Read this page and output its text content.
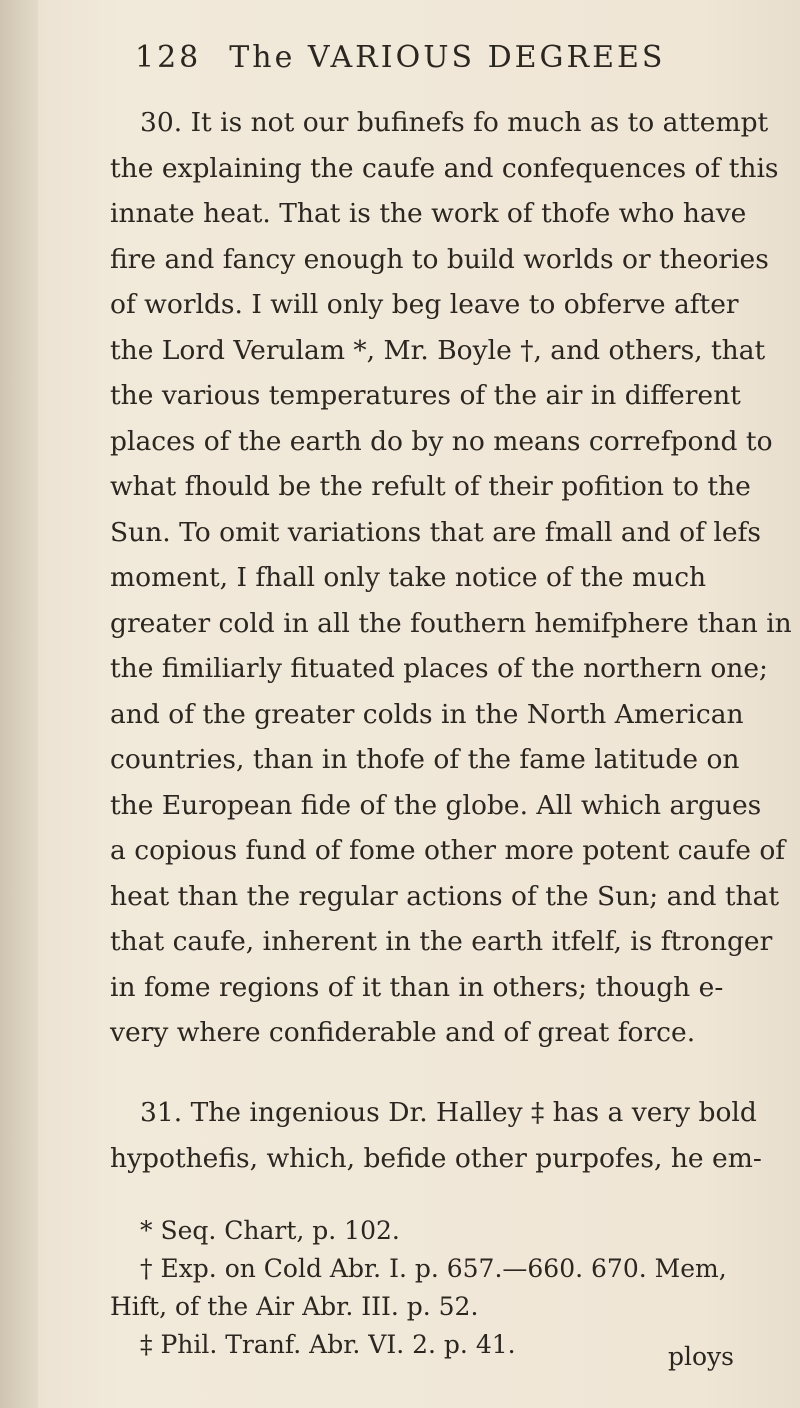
128 The VARIOUS DEGREES
30. It is not our bufinefs fo much as to attempt
the explaining the caufe and confequences of this
innate heat. That is the work of thofe who have
fire and fancy enough to build worlds or theories
of worlds. I will only beg leave to obferve after
the Lord Verulam *, Mr. Boyle †, and others, that
the various temperatures of the air in different
places of the earth do by no means correfpond to
what fhould be the refult of their pofition to the
Sun. To omit variations that are fmall and of lefs
moment, I fhall only take notice of the much
greater cold in all the fouthern hemifphere than in
the fimiliarly fituated places of the northern one;
and of the greater colds in the North American
countries, than in thofe of the fame latitude on
the European fide of the globe. All which argues
a copious fund of fome other more potent caufe of
heat than the regular actions of the Sun; and that
that caufe, inherent in the earth itfelf, is ftronger
in fome regions of it than in others; though e-
very where confiderable and of great force.
31. The ingenious Dr. Halley ‡ has a very bold
hypothefis, which, befide other purpofes, he em-
* Seq. Chart, p. 102.
† Exp. on Cold Abr. I. p. 657.—660. 670. Mem,
Hift, of the Air Abr. III. p. 52.
‡ Phil. Tranf. Abr. VI. 2. p. 41.	ploys
